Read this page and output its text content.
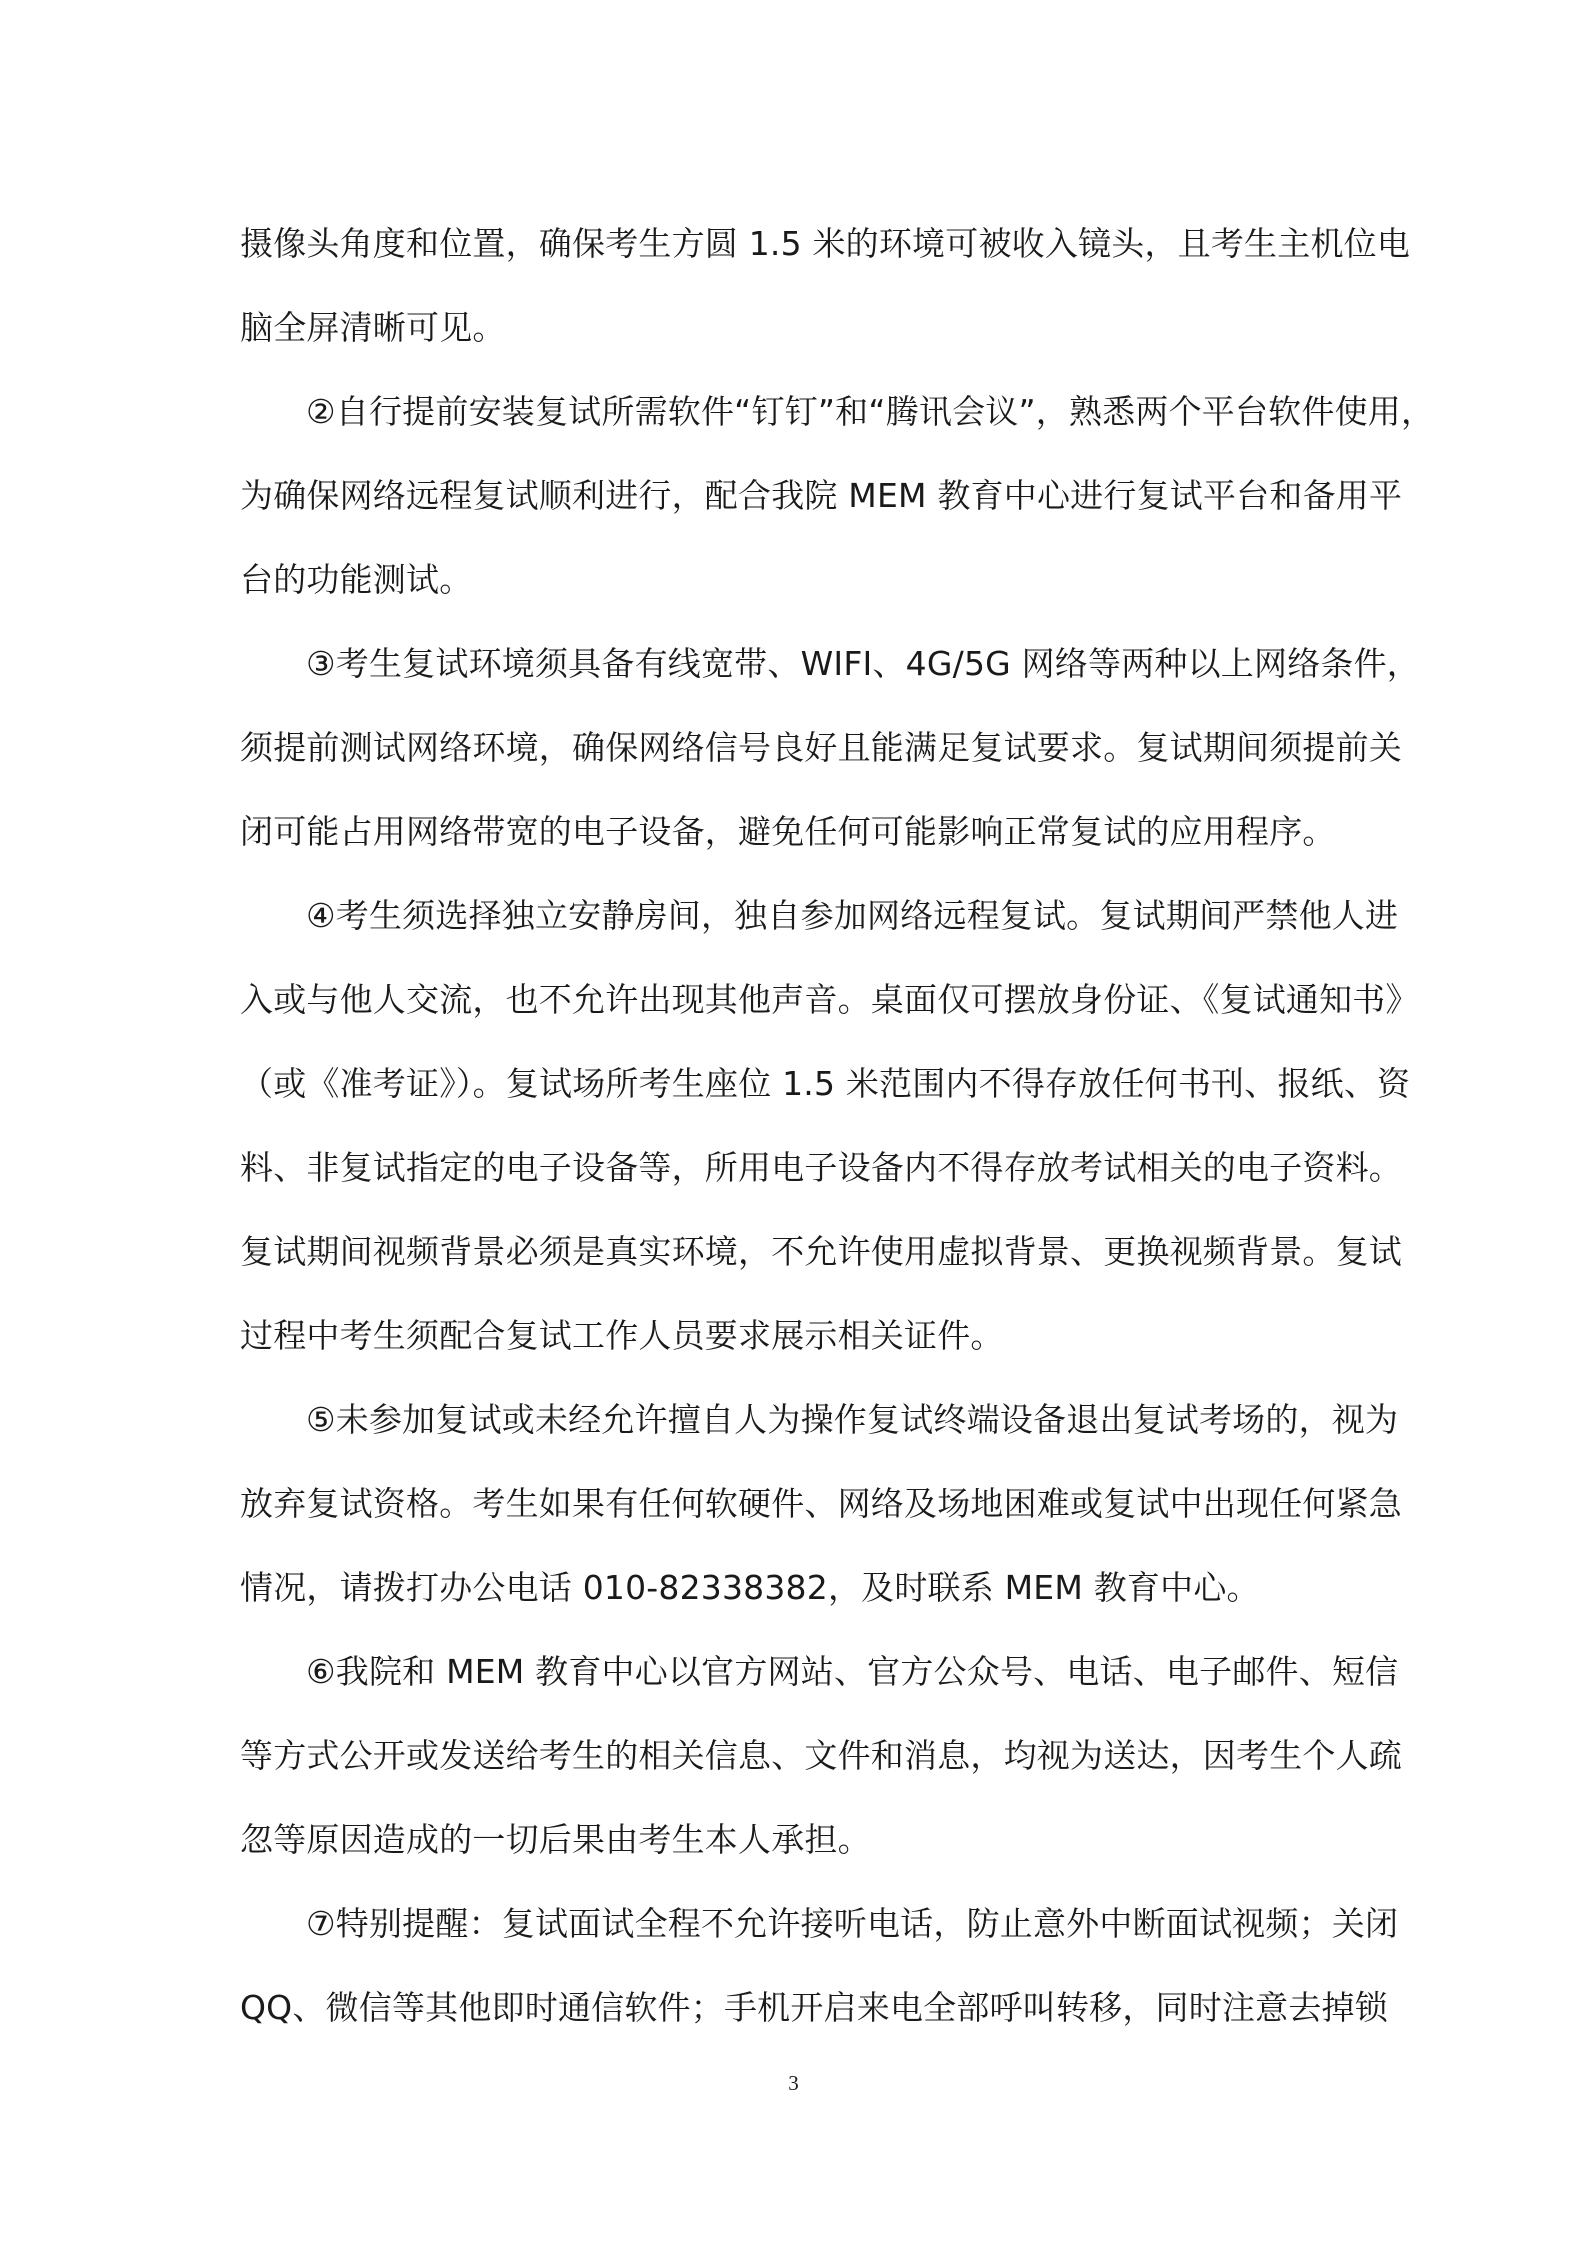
摄像头角度和位置，确保考生方圆 1.5 米的环境可被收入镜头，且考生主机位电
脑全屏清晰可见。
②自行提前安装复试所需软件“钉钉”和“腾讯会议”，熟悉两个平台软件使用，
为确保网络远程复试顺利进行，配合我院 MEM 教育中心进行复试平台和备用平
台的功能测试。
③考生复试环境须具备有线宽带、WIFI、4G/5G 网络等两种以上网络条件，
须提前测试网络环境，确保网络信号良好且能满足复试要求。复试期间须提前关
闭可能占用网络带宽的电子设备，避免任何可能影响正常复试的应用程序。
④考生须选择独立安静房间，独自参加网络远程复试。复试期间严禁他人进
入或与他人交流，也不允许出现其他声音。桌面仅可摆放身份证、《复试通知书》
（或《准考证》）。复试场所考生座位 1.5 米范围内不得存放任何书刊、报纸、资
料、非复试指定的电子设备等，所用电子设备内不得存放考试相关的电子资料。
复试期间视频背景必须是真实环境，不允许使用虚拟背景、更换视频背景。复试
过程中考生须配合复试工作人员要求展示相关证件。
⑤未参加复试或未经允许擅自人为操作复试终端设备退出复试考场的，视为
放弃复试资格。考生如果有任何软硬件、网络及场地困难或复试中出现任何紧急
情况，请拨打办公电话 010-82338382，及时联系 MEM 教育中心。
⑥我院和 MEM 教育中心以官方网站、官方公众号、电话、电子邮件、短信
等方式公开或发送给考生的相关信息、文件和消息，均视为送达，因考生个人疏
忽等原因造成的一切后果由考生本人承担。
⑦特别提醒：复试面试全程不允许接听电话，防止意外中断面试视频；关闭
QQ、微信等其他即时通信软件；手机开启来电全部呼叫转移，同时注意去掉锁
3
